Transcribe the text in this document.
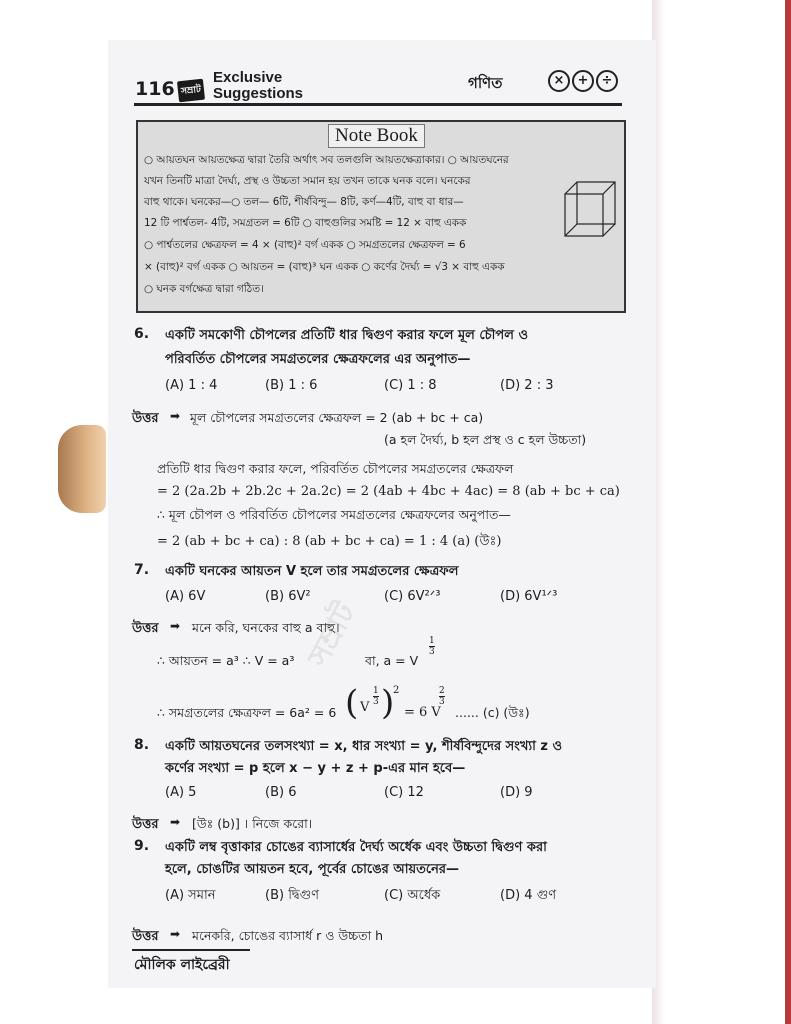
সম্রাট
116 সম্রাট
Exclusive
Suggestions
গণিত	×	+	÷
Note Book
○ আয়তঘন আয়তক্ষেত্র দ্বারা তৈরি অর্থাৎ সব তলগুলি আয়তক্ষেত্রাকার। ○ আয়তঘনের
যখন তিনটি মাত্রা দৈর্ঘ্য, প্রস্থ ও উচ্চতা সমান হয় তখন তাকে ঘনক বলে। ঘনকের
বাহু থাকে। ঘনকের—○ তল— 6টি, শীর্ষবিন্দু— 8টি, কর্ণ—4টি, বাহু বা ধার—
12 টি পার্শ্বতল- 4টি, সমগ্রতল = 6টি ○ বাহুগুলির সমষ্টি = 12 × বাহু একক
○ পার্শ্বতলের ক্ষেত্রফল = 4 × (বাহু)² বর্গ একক ○ সমগ্রতলের ক্ষেত্রফল = 6
× (বাহু)² বর্গ একক ○ আয়তন = (বাহু)³ ঘন একক ○ কর্ণের দৈর্ঘ্য = √3 × বাহু একক
○ ঘনক বর্গক্ষেত্র দ্বারা গঠিত।
6. একটি সমকোণী চৌপলের প্রতিটি ধার দ্বিগুণ করার ফলে মূল চৌপল ও
পরিবর্তিত চৌপলের সমগ্রতলের ক্ষেত্রফলের এর অনুপাত—
(A) 1 : 4	(B) 1 : 6	(C) 1 : 8	(D) 2 : 3
উত্তর ➡ মূল চৌপলের সমগ্রতলের ক্ষেত্রফল = 2 (ab + bc + ca)
(a হল দৈর্ঘ্য, b হল প্রস্থ ও c হল উচ্চতা)
প্রতিটি ধার দ্বিগুণ করার ফলে, পরিবর্তিত চৌপলের সমগ্রতলের ক্ষেত্রফল
= 2 (2a.2b + 2b.2c + 2a.2c) = 2 (4ab + 4bc + 4ac) = 8 (ab + bc + ca)
∴ মূল চৌপল ও পরিবর্তিত চৌপলের সমগ্রতলের ক্ষেত্রফলের অনুপাত—
= 2 (ab + bc + ca) : 8 (ab + bc + ca) = 1 : 4 (a) (উঃ)
7. একটি ঘনকের আয়তন V হলে তার সমগ্রতলের ক্ষেত্রফল
(A) 6V	(B) 6V²	(C) 6V²ᐟ³	(D) 6V¹ᐟ³
উত্তর ➡ মনে করি, ঘনকের বাহু a বাহু।
∴ আয়তন = a³ ∴ V = a³	বা, a = V
$\frac{1}{3}$
∴ সমগ্রতলের ক্ষেত্রফল = 6a² = 6 ( V
$\frac{1}{3}$ )
2
= 6 V
$\frac{2}{3}$
...... (c) (উঃ)
8. একটি আয়তঘনের তলসংখ্যা = x, ধার সংখ্যা = y, শীর্ষবিন্দুদের সংখ্যা z ও
কর্ণের সংখ্যা = p হলে x − y + z + p-এর মান হবে—
(A) 5	(B) 6	(C) 12	(D) 9
উত্তর ➡ [উঃ (b)] । নিজে করো।
9. একটি লম্ব বৃত্তাকার চোঙের ব্যাসার্ধের দৈর্ঘ্য অর্ধেক এবং উচ্চতা দ্বিগুণ করা
হলে, চোঙটির আয়তন হবে, পূর্বের চোঙের আয়তনের—
(A) সমান	(B) দ্বিগুণ	(C) অর্ধেক	(D) 4 গুণ
উত্তর ➡ মনেকরি, চোঙের ব্যাসার্ধ r ও উচ্চতা h
মৌলিক লাইব্রেরী
